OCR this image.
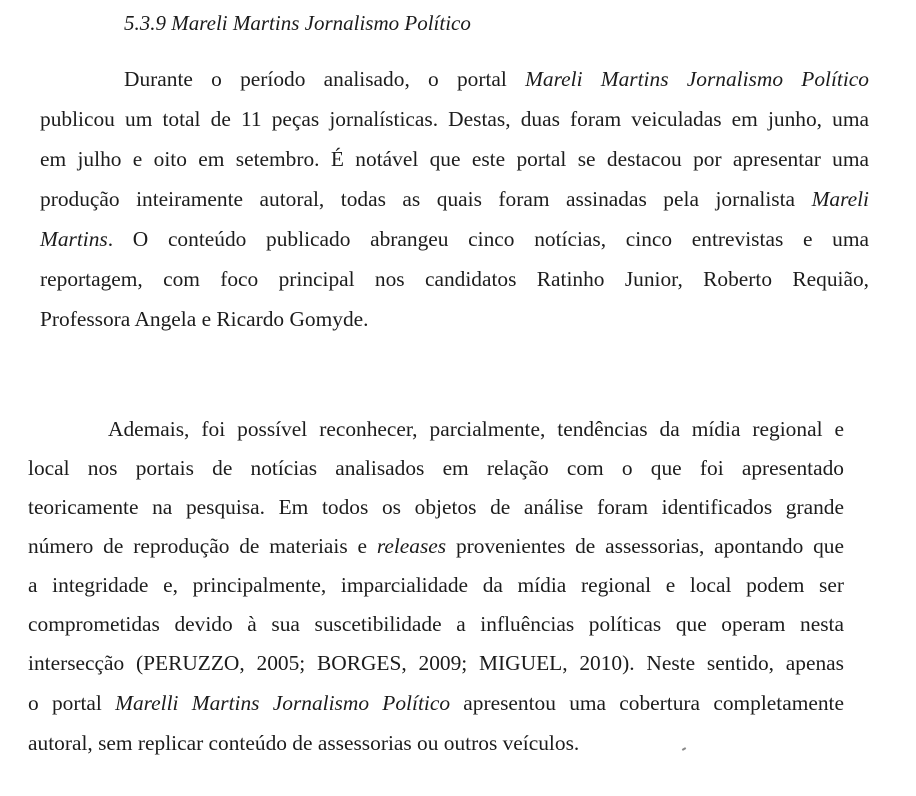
5.3.9 Mareli Martins Jornalismo Político
Durante o período analisado, o portal Mareli Martins Jornalismo Político
publicou um total de 11 peças jornalísticas. Destas, duas foram veiculadas em junho, uma
em julho e oito em setembro. É notável que este portal se destacou por apresentar uma
produção inteiramente autoral, todas as quais foram assinadas pela jornalista Mareli
Martins. O conteúdo publicado abrangeu cinco notícias, cinco entrevistas e uma
reportagem, com foco principal nos candidatos Ratinho Junior, Roberto Requião,
Professora Angela e Ricardo Gomyde.
Ademais, foi possível reconhecer, parcialmente, tendências da mídia regional e
local nos portais de notícias analisados em relação com o que foi apresentado
teoricamente na pesquisa. Em todos os objetos de análise foram identificados grande
número de reprodução de materiais e releases provenientes de assessorias, apontando que
a integridade e, principalmente, imparcialidade da mídia regional e local podem ser
comprometidas devido à sua suscetibilidade a influências políticas que operam nesta
intersecção (PERUZZO, 2005; BORGES, 2009; MIGUEL, 2010). Neste sentido, apenas
o portal Marelli Martins Jornalismo Político apresentou uma cobertura completamente
autoral, sem replicar conteúdo de assessorias ou outros veículos.
